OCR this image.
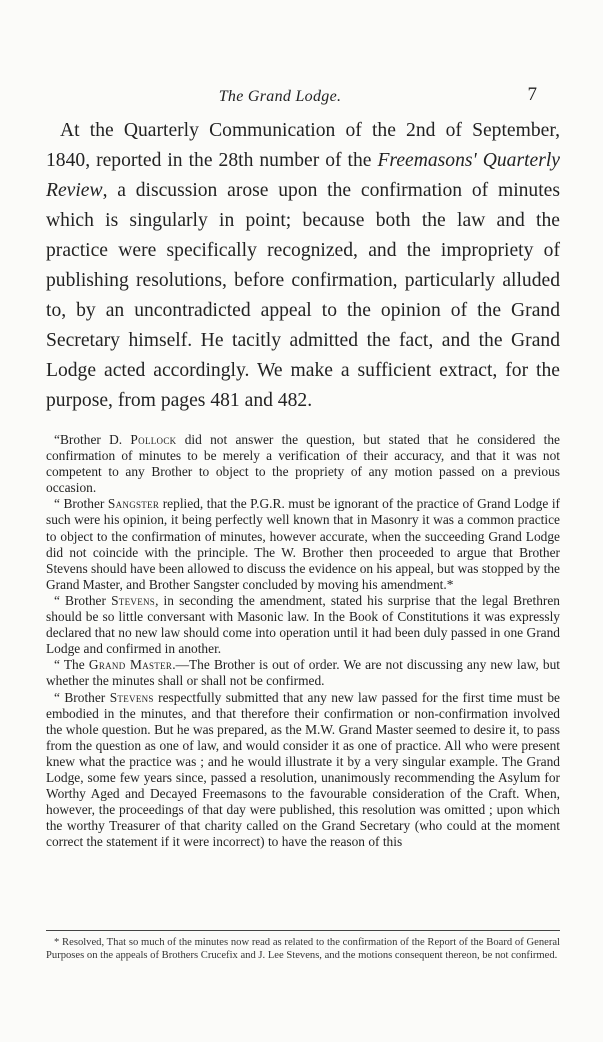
The Grand Lodge.	7

At the Quarterly Communication of the 2nd of September, 1840, reported in the 28th number of the Freemasons' Quarterly Review, a discussion arose upon the confirmation of minutes which is singularly in point; because both the law and the practice were specifically recognized, and the impropriety of publishing resolutions, before confirmation, particularly alluded to, by an uncontradicted appeal to the opinion of the Grand Secretary himself. He tacitly admitted the fact, and the Grand Lodge acted accordingly. We make a sufficient extract, for the purpose, from pages 481 and 482.

“Brother D. Pollock did not answer the question, but stated that he considered the confirmation of minutes to be merely a verification of their accuracy, and that it was not competent to any Brother to object to the propriety of any motion passed on a previous occasion.

“ Brother Sangster replied, that the P.G.R. must be ignorant of the practice of Grand Lodge if such were his opinion, it being perfectly well known that in Masonry it was a common practice to object to the confirmation of minutes, however accurate, when the succeeding Grand Lodge did not coincide with the principle. The W. Brother then proceeded to argue that Brother Stevens should have been allowed to discuss the evidence on his appeal, but was stopped by the Grand Master, and Brother Sangster concluded by moving his amendment.*

“ Brother Stevens, in seconding the amendment, stated his surprise that the legal Brethren should be so little conversant with Masonic law. In the Book of Constitutions it was expressly declared that no new law should come into operation until it had been duly passed in one Grand Lodge and confirmed in another.

“ The Grand Master.—The Brother is out of order. We are not discussing any new law, but whether the minutes shall or shall not be confirmed.

“ Brother Stevens respectfully submitted that any new law passed for the first time must be embodied in the minutes, and that therefore their confirmation or non-confirmation involved the whole question. But he was prepared, as the M.W. Grand Master seemed to desire it, to pass from the question as one of law, and would consider it as one of practice. All who were present knew what the practice was ; and he would illustrate it by a very singular example. The Grand Lodge, some few years since, passed a resolution, unanimously recommending the Asylum for Worthy Aged and Decayed Freemasons to the favourable consideration of the Craft. When, however, the proceedings of that day were published, this resolution was omitted ; upon which the worthy Treasurer of that charity called on the Grand Secretary (who could at the moment correct the statement if it were incorrect) to have the reason of this

* Resolved, That so much of the minutes now read as related to the confirmation of the Report of the Board of General Purposes on the appeals of Brothers Crucefix and J. Lee Stevens, and the motions consequent thereon, be not confirmed.
